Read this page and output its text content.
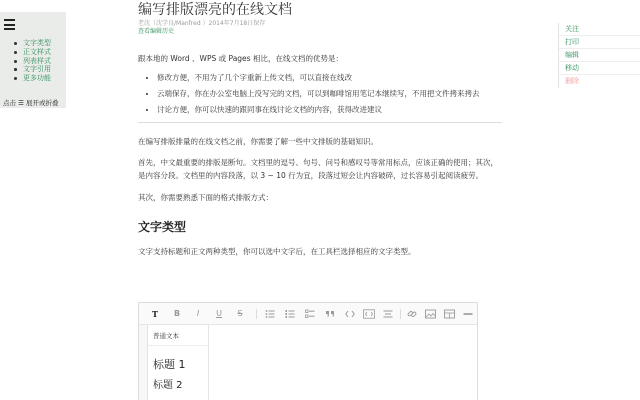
文字类型
正文样式
列表样式
文字引用
更多功能
点击 ☰ 展开或折叠
关注
打印
编辑
移动
删除
编写排版漂亮的在线文档
老沈（沈学良/Manfred ）2014年7月18日保存
查看编辑历史

跟本地的 Word 、WPS 或 Pages 相比，在线文档的优势是：

• 修改方便，不用为了几个字重新上传文档，可以直接在线改
• 云端保存，你在办公室电脑上没写完的文档，可以到咖啡馆用笔记本继续写，不用把文件拷来拷去
• 讨论方便，你可以快速的跟同事在线讨论文档的内容，获得改进建议

在编写排版排量的在线文档之前，你需要了解一些中文排版的基础知识。

首先，中文最重要的排版是断句。文档里的逗号、句号、问号和感叹号等常用标点，应该正确的使用；其次，是内容分段。文档里的内容段落，以 3 ~ 10 行为宜，段落过短会让内容破碎，过长容易引起阅读疲劳。

其次，你需要熟悉下面的格式排版方式：

文字类型

文字支持标题和正文两种类型，你可以选中文字后，在工具栏选择相应的文字类型。

T	B	I	U	S
普通文本
标题 1
标题 2
